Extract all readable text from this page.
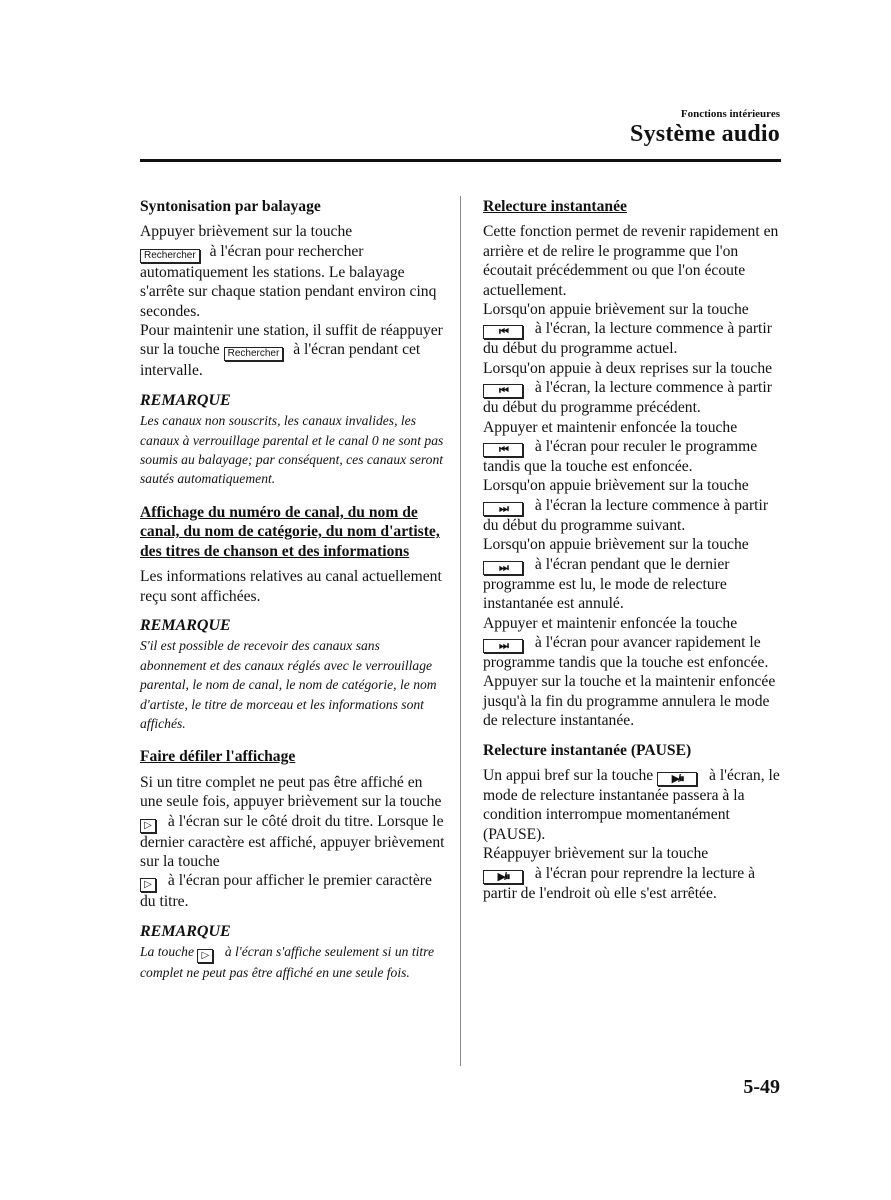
Fonctions intérieures
Système audio

Syntonisation par balayage

Appuyer brièvement sur la touche
Rechercher à l'écran pour rechercher automatiquement les stations. Le balayage s'arrête sur chaque station pendant environ cinq secondes.

Pour maintenir une station, il suffit de réappuyer sur la touche Rechercher à l'écran pendant cet intervalle.

REMARQUE

Les canaux non souscrits, les canaux invalides, les canaux à verrouillage parental et le canal 0 ne sont pas soumis au balayage; par conséquent, ces canaux seront sautés automatiquement.

Affichage du numéro de canal, du nom de canal, du nom de catégorie, du nom d'artiste, des titres de chanson et des informations

Les informations relatives au canal actuellement reçu sont affichées.

REMARQUE

S'il est possible de recevoir des canaux sans abonnement et des canaux réglés avec le verrouillage parental, le nom de canal, le nom de catégorie, le nom d'artiste, le titre de morceau et les informations sont affichés.

Faire défiler l'affichage

Si un titre complet ne peut pas être affiché en une seule fois, appuyer brièvement sur la touche ▷ à l'écran sur le côté droit du titre. Lorsque le dernier caractère est affiché, appuyer brièvement sur la touche
▷ à l'écran pour afficher le premier caractère du titre.

REMARQUE

La touche ▷ à l'écran s'affiche seulement si un titre complet ne peut pas être affiché en une seule fois.

Relecture instantanée

Cette fonction permet de revenir rapidement en arrière et de relire le programme que l'on écoutait précédemment ou que l'on écoute actuellement.

Lorsqu'on appuie brièvement sur la touche
⏮ à l'écran, la lecture commence à partir du début du programme actuel.

Lorsqu'on appuie à deux reprises sur la touche ⏮ à l'écran, la lecture commence à partir du début du programme précédent.

Appuyer et maintenir enfoncée la touche
⏮ à l'écran pour reculer le programme tandis que la touche est enfoncée.

Lorsqu'on appuie brièvement sur la touche
⏭ à l'écran la lecture commence à partir du début du programme suivant.

Lorsqu'on appuie brièvement sur la touche
⏭ à l'écran pendant que le dernier programme est lu, le mode de relecture instantanée est annulé.

Appuyer et maintenir enfoncée la touche
⏭ à l'écran pour avancer rapidement le programme tandis que la touche est enfoncée.

Appuyer sur la touche et la maintenir enfoncée jusqu'à la fin du programme annulera le mode de relecture instantanée.

Relecture instantanée (PAUSE)

Un appui bref sur la touche ▶/⏸ à l'écran, le mode de relecture instantanée passera à la condition interrompue momentanément (PAUSE).

Réappuyer brièvement sur la touche
▶/⏸ à l'écran pour reprendre la lecture à partir de l'endroit où elle s'est arrêtée.

5-49
